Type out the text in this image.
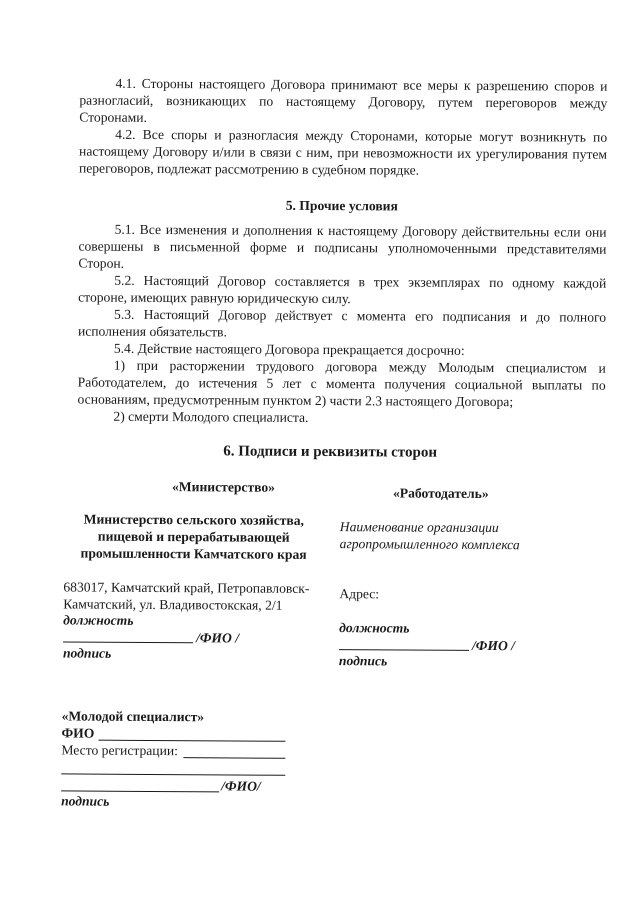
4.1. Стороны настоящего Договора принимают все меры к разрешению споров и разногласий, возникающих по настоящему Договору, путем переговоров между Сторонами.

4.2. Все споры и разногласия между Сторонами, которые могут возникнуть по настоящему Договору и/или в связи с ним, при невозможности их урегулирования путем переговоров, подлежат рассмотрению в судебном порядке.

5. Прочие условия

5.1. Все изменения и дополнения к настоящему Договору действительны если они совершены в письменной форме и подписаны уполномоченными представителями Сторон.

5.2. Настоящий Договор составляется в трех экземплярах по одному каждой стороне, имеющих равную юридическую силу.

5.3. Настоящий Договор действует с момента его подписания и до полного исполнения обязательств.

5.4. Действие настоящего Договора прекращается досрочно:

1) при расторжении трудового договора между Молодым специалистом и Работодателем, до истечения 5 лет с момента получения социальной выплаты по основаниям, предусмотренным пунктом 2) части 2.3 настоящего Договора;

2) смерти Молодого специалиста.

6. Подписи и реквизиты сторон

«Министерство»

Министерство сельского хозяйства,
пищевой и перерабатывающей
промышленности Камчатского края
683017, Камчатский край, Петропавловск-
Камчатский, ул. Владивостокская, 2/1

должность

/ФИО /

подпись

«Работодатель»

Наименование организации
агропромышленного комплекса

Адрес:

должность

/ФИО /

подпись

«Молодой специалист»

ФИО

Место регистрации:

/ФИО/

подпись
